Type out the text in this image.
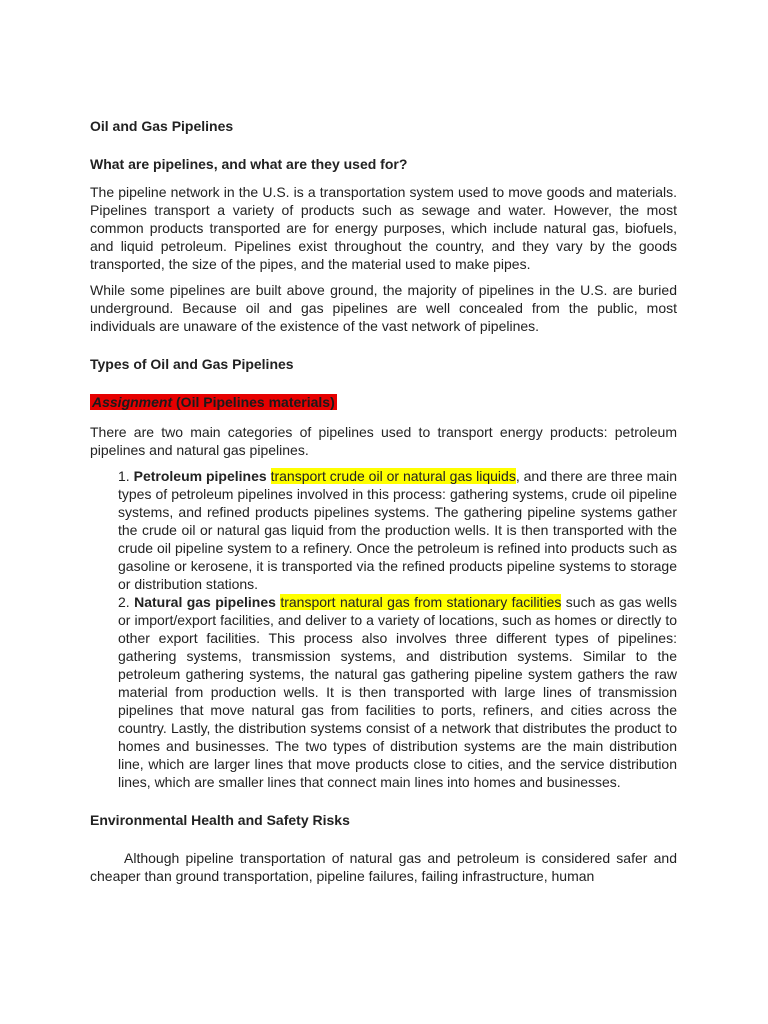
Oil and Gas Pipelines
What are pipelines, and what are they used for?

The pipeline network in the U.S. is a transportation system used to move goods and materials. Pipelines transport a variety of products such as sewage and water. However, the most common products transported are for energy purposes, which include natural gas, biofuels, and liquid petroleum. Pipelines exist throughout the country, and they vary by the goods transported, the size of the pipes, and the material used to make pipes.

While some pipelines are built above ground, the majority of pipelines in the U.S. are buried underground. Because oil and gas pipelines are well concealed from the public, most individuals are unaware of the existence of the vast network of pipelines.

Types of Oil and Gas Pipelines
Assignment (Oil Pipelines materials)

There are two main categories of pipelines used to transport energy products: petroleum pipelines and natural gas pipelines.

1. Petroleum pipelines transport crude oil or natural gas liquids, and there are three main types of petroleum pipelines involved in this process: gathering systems, crude oil pipeline systems, and refined products pipelines systems. The gathering pipeline systems gather the crude oil or natural gas liquid from the production wells. It is then transported with the crude oil pipeline system to a refinery. Once the petroleum is refined into products such as gasoline or kerosene, it is transported via the refined products pipeline systems to storage or distribution stations.

2. Natural gas pipelines transport natural gas from stationary facilities such as gas wells or import/export facilities, and deliver to a variety of locations, such as homes or directly to other export facilities. This process also involves three different types of pipelines: gathering systems, transmission systems, and distribution systems. Similar to the petroleum gathering systems, the natural gas gathering pipeline system gathers the raw material from production wells. It is then transported with large lines of transmission pipelines that move natural gas from facilities to ports, refiners, and cities across the country. Lastly, the distribution systems consist of a network that distributes the product to homes and businesses. The two types of distribution systems are the main distribution line, which are larger lines that move products close to cities, and the service distribution lines, which are smaller lines that connect main lines into homes and businesses.

Environmental Health and Safety Risks

Although pipeline transportation of natural gas and petroleum is considered safer and cheaper than ground transportation, pipeline failures, failing infrastructure, human
